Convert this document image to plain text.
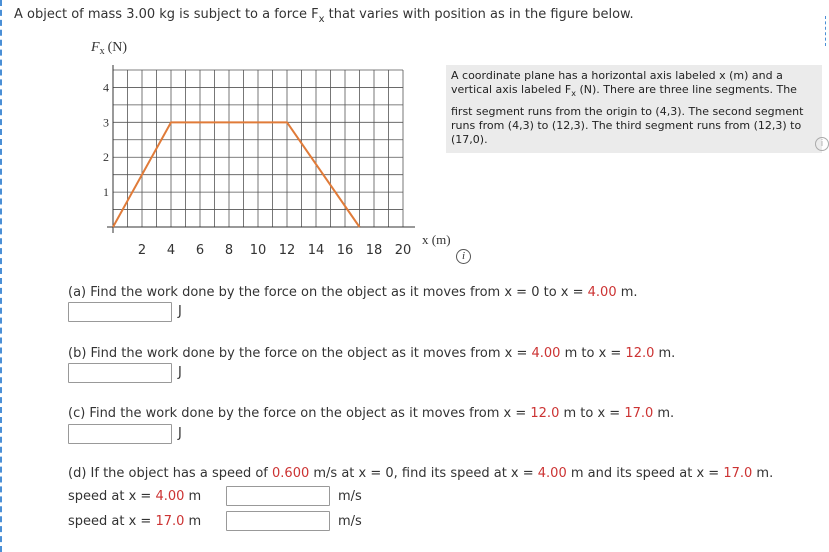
A object of mass 3.00 kg is subject to a force $F_x$ that varies with position as in the figure below.
2 4 6 8 10 12 14 16 18 20
1
2
3
4
$F_x$ (N)
x (m)
A coordinate plane has a horizontal axis labeled x (m) and a
vertical axis labeled $F_x$ (N). There are three line segments. The
first segment runs from the origin to (4,3). The second segment
runs from (4,3) to (12,3). The third segment runs from (12,3) to
(17,0).	i
i
(a) Find the work done by the force on the object as it moves from x = 0 to x = 4.00 m.
J
(b) Find the work done by the force on the object as it moves from x = 4.00 m to x = 12.0 m.
J
(c) Find the work done by the force on the object as it moves from x = 12.0 m to x = 17.0 m.
J
(d) If the object has a speed of 0.600 m/s at x = 0, find its speed at x = 4.00 m and its speed at x = 17.0 m.
speed at x = 4.00 m	m/s
speed at x = 17.0 m	m/s
